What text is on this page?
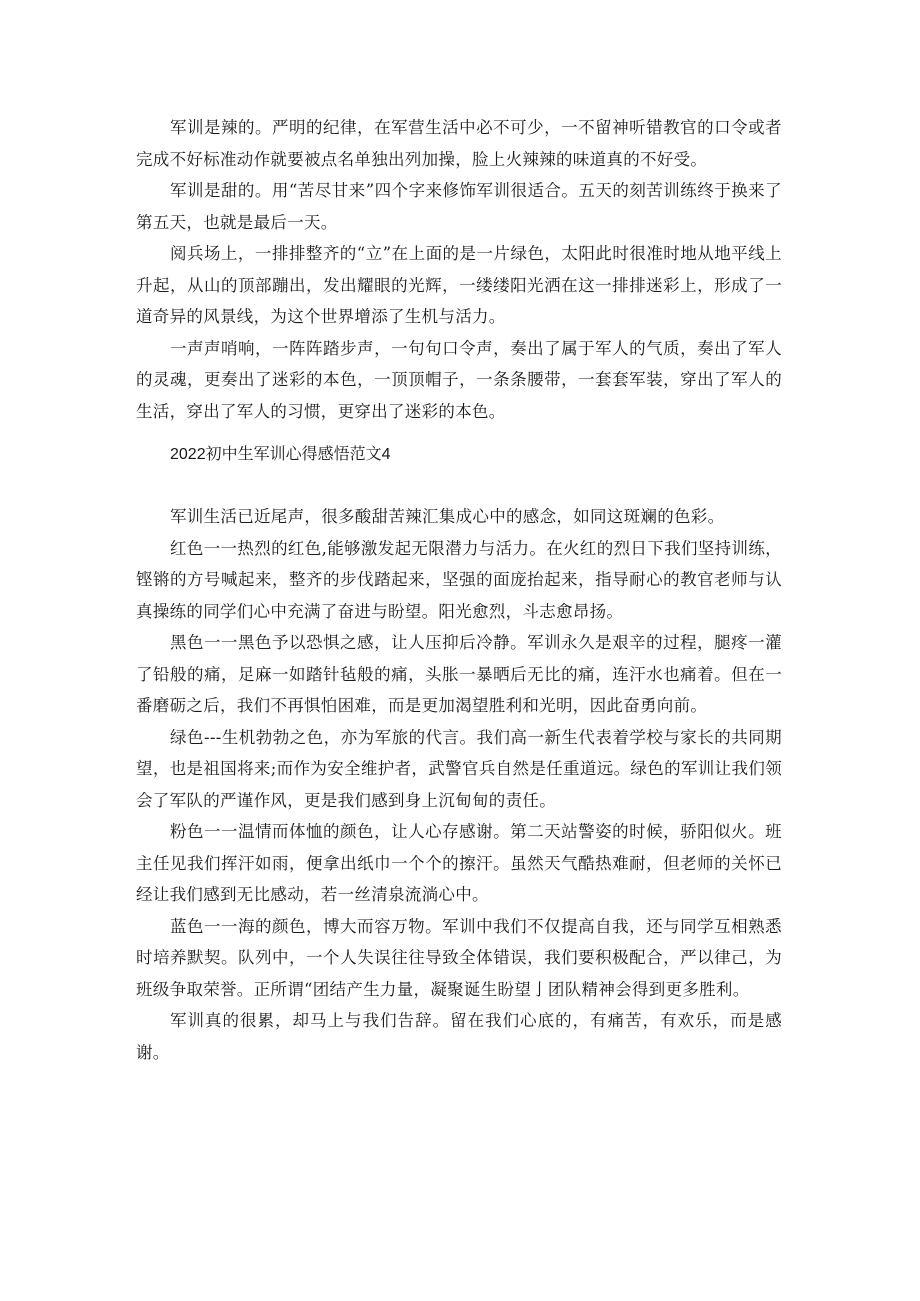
军训是辣的。严明的纪律，在军营生活中必不可少，一不留神听错教官的口令或者完成不好标准动作就要被点名单独出列加操，脸上火辣辣的味道真的不好受。

军训是甜的。用“苦尽甘来”四个字来修饰军训很适合。五天的刻苦训练终于换来了第五天，也就是最后一天。

阅兵场上，一排排整齐的“立”在上面的是一片绿色，太阳此时很准时地从地平线上升起，从山的顶部蹦出，发出耀眼的光辉，一缕缕阳光洒在这一排排迷彩上，形成了一道奇异的风景线，为这个世界增添了生机与活力。

一声声哨响，一阵阵踏步声，一句句口令声，奏出了属于军人的气质，奏出了军人的灵魂，更奏出了迷彩的本色，一顶顶帽子，一条条腰带，一套套军装，穿出了军人的生活，穿出了军人的习惯，更穿出了迷彩的本色。

2022初中生军训心得感悟范文4

军训生活已近尾声，很多酸甜苦辣汇集成心中的感念，如同这斑斓的色彩。

红色一一热烈的红色,能够激发起无限潜力与活力。在火红的烈日下我们坚持训练，铿锵的方号喊起来，整齐的步伐踏起来，坚强的面庞抬起来，指导耐心的教官老师与认真操练的同学们心中充满了奋进与盼望。阳光愈烈，斗志愈昂扬。

黑色一一黑色予以恐惧之感，让人压抑后冷静。军训永久是艰辛的过程，腿疼一灌了铅般的痛，足麻一如踏针毡般的痛，头胀一暴晒后无比的痛，连汗水也痛着。但在一番磨砺之后，我们不再惧怕困难，而是更加渴望胜利和光明，因此奋勇向前。

绿色---生机勃勃之色，亦为军旅的代言。我们高一新生代表着学校与家长的共同期望，也是祖国将来;而作为安全维护者，武警官兵自然是任重道远。绿色的军训让我们领会了军队的严谨作风，更是我们感到身上沉甸甸的责任。

粉色一一温情而体恤的颜色，让人心存感谢。第二天站警姿的时候，骄阳似火。班主任见我们挥汗如雨，便拿出纸巾一个个的擦汗。虽然天气酷热难耐，但老师的关怀已经让我们感到无比感动，若一丝清泉流淌心中。

蓝色一一海的颜色，博大而容万物。军训中我们不仅提高自我，还与同学互相熟悉时培养默契。队列中，一个人失误往往导致全体错误，我们要积极配合，严以律己，为班级争取荣誉。正所谓“团结产生力量，凝聚诞生盼望亅团队精神会得到更多胜利。

军训真的很累，却马上与我们告辞。留在我们心底的，有痛苦，有欢乐，而是感谢。
